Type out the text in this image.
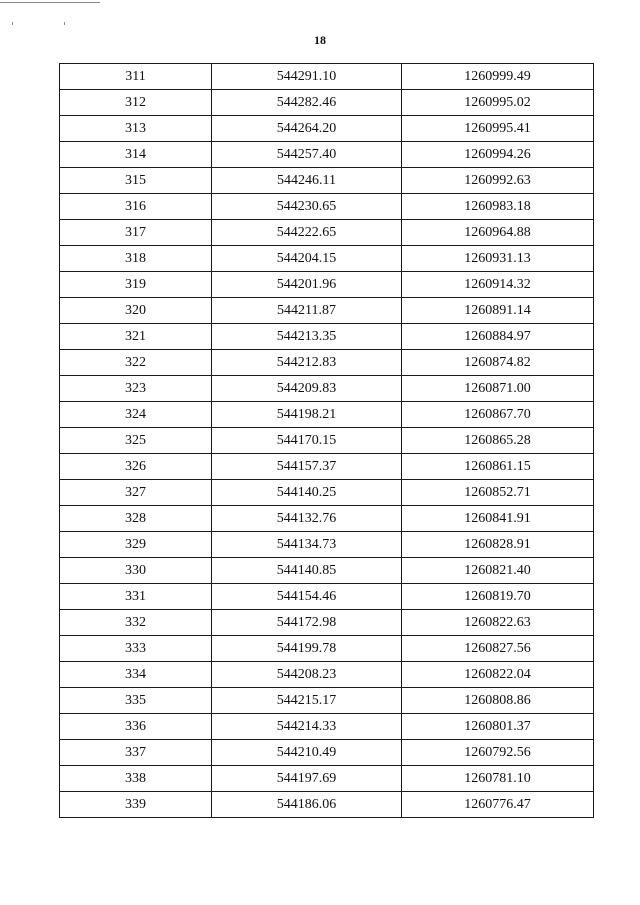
18
311	544291.10	1260999.49
312	544282.46	1260995.02
313	544264.20	1260995.41
314	544257.40	1260994.26
315	544246.11	1260992.63
316	544230.65	1260983.18
317	544222.65	1260964.88
318	544204.15	1260931.13
319	544201.96	1260914.32
320	544211.87	1260891.14
321	544213.35	1260884.97
322	544212.83	1260874.82
323	544209.83	1260871.00
324	544198.21	1260867.70
325	544170.15	1260865.28
326	544157.37	1260861.15
327	544140.25	1260852.71
328	544132.76	1260841.91
329	544134.73	1260828.91
330	544140.85	1260821.40
331	544154.46	1260819.70
332	544172.98	1260822.63
333	544199.78	1260827.56
334	544208.23	1260822.04
335	544215.17	1260808.86
336	544214.33	1260801.37
337	544210.49	1260792.56
338	544197.69	1260781.10
339	544186.06	1260776.47
